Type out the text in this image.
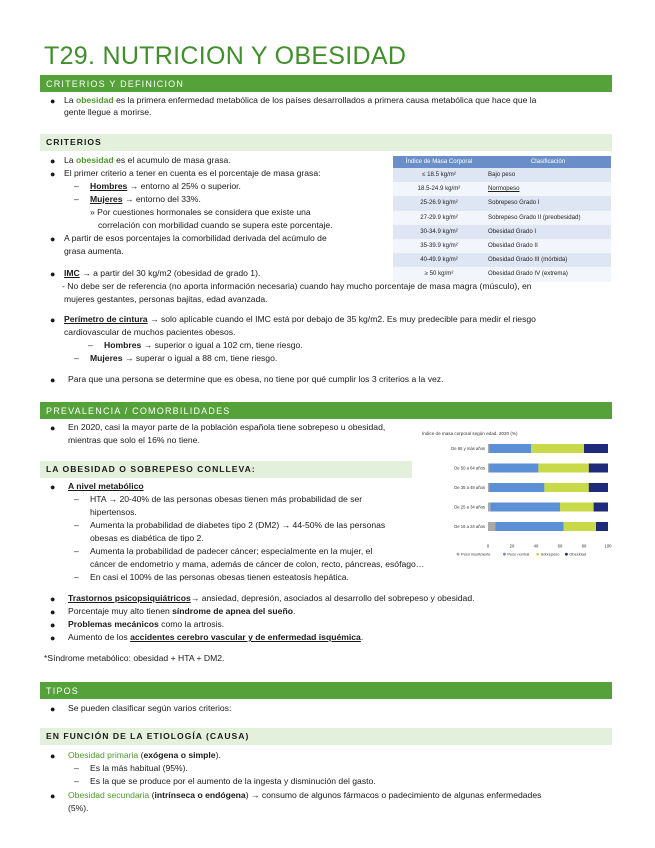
T29. NUTRICION Y OBESIDAD
CRITERIOS Y DEFINICION
● La obesidad es la primera enfermedad metabólica de los países desarrollados a primera causa metabólica que hace que la
gente llegue a morirse.
CRITERIOS
● La obesidad es el acumulo de masa grasa.
● El primer criterio a tener en cuenta es el porcentaje de masa grasa:
– Hombres → entorno al 25% o superior.
– Mujeres → entorno del 33%.
» Por cuestiones hormonales se considera que existe una
correlación con morbilidad cuando se supera este porcentaje.
● A partir de esos porcentajes la comorbilidad derivada del acúmulo de
grasa aumenta.
● IMC → a partir del 30 kg/m2 (obesidad de grado 1).
- No debe ser de referencia (no aporta información necesaria) cuando hay mucho porcentaje de masa magra (músculo), en
mujeres gestantes, personas bajitas, edad avanzada.
● Perímetro de cintura → solo aplicable cuando el IMC está por debajo de 35 kg/m2. Es muy predecible para medir el riesgo
cardiovascular de muchos pacientes obesos.
– Hombres → superior o igual a 102 cm, tiene riesgo.
– Mujeres → superar o igual a 88 cm, tiene riesgo.
● Para que una persona se determine que es obesa, no tiene por qué cumplir los 3 criterios a la vez.
Índice de Masa Corporal	Clasificación
≤ 18.5 kg/m²	Bajo peso
18.5-24.9 kg/m²	Normopeso
25-26.9 kg/m²	Sobrepeso Grado I
27-29.9 kg/m²	Sobrepeso Grado II (preobesidad)
30-34.9 kg/m²	Obesidad Grado I
35-39.9 kg/m²	Obesidad Grado II
40-49.9 kg/m²	Obesidad Grado III (mórbida)
≥ 50 kg/m²	Obesidad Grado IV (extrema)
PREVALENCIA / COMORBILIDADES
● En 2020, casi la mayor parte de la población española tiene sobrepeso u obesidad,
mientras que solo el 16% no tiene.
Índice de masa corporal según edad. 2020 (%)
De 65 y más años
De 50 a 64 años
De 35 a 49 años
De 25 a 34 años
De 16 a 24 años
0	20	40	60	80	100
Peso insuficiente	Peso normal	Sobrepeso	Obesidad
LA OBESIDAD O SOBREPESO CONLLEVA:
● A nivel metabólico
– HTA → 20-40% de las personas obesas tienen más probabilidad de ser
hipertensos.
– Aumenta la probabilidad de diabetes tipo 2 (DM2) → 44-50% de las personas
obesas es diabética de tipo 2.
– Aumenta la probabilidad de padecer cáncer; especialmente en la mujer, el
cáncer de endometrio y mama, además de cáncer de colon, recto, páncreas, esófago…
– En casi el 100% de las personas obesas tienen esteatosis hepática.
● Trastornos psicopsiquiátricos→ ansiedad, depresión, asociados al desarrollo del sobrepeso y obesidad.
● Porcentaje muy alto tienen síndrome de apnea del sueño.
● Problemas mecánicos como la artrosis.
● Aumento de los accidentes cerebro vascular y de enfermedad isquémica.
*Síndrome metabólico: obesidad + HTA + DM2.
TIPOS
● Se pueden clasificar según varios criterios:
EN FUNCIÓN DE LA ETIOLOGÍA (CAUSA)
● Obesidad primaria (exógena o simple).
– Es la más habitual (95%).
– Es la que se produce por el aumento de la ingesta y disminución del gasto.
● Obesidad secundaria (intrínseca o endógena) → consumo de algunos fármacos o padecimiento de algunas enfermedades
(5%).
